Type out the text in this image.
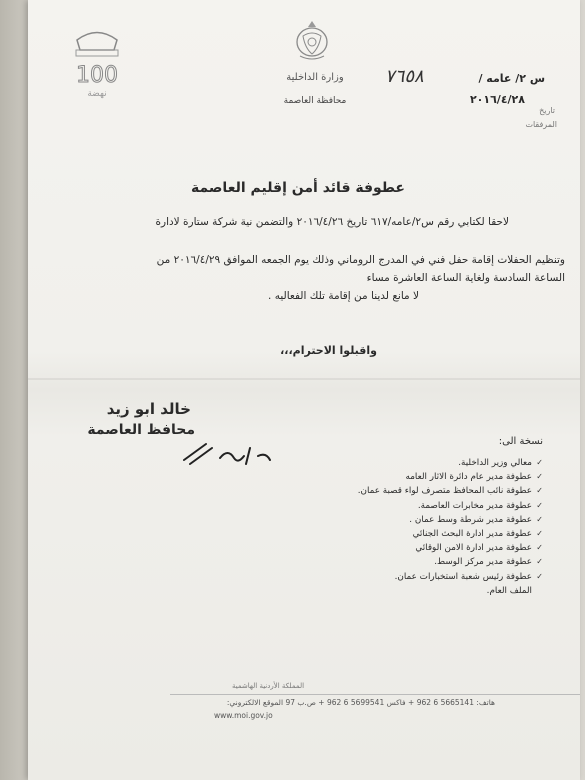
100
نهضة
وزارة الداخلية
محافظة العاصمة
س ٢/ عامه /
٧٦٥٨
٢٠١٦/٤/٢٨
تاريخ
المرفقات
عطوفة قائد أمن إقليم العاصمة
لاحقا لكتابي رقم س٢/عامه/٦١٧ تاريخ ٢٠١٦/٤/٢٦ والتضمن نية شركة ستارة لادارة
وتنظيم الحفلات إقامة حفل فني في المدرج الروماني وذلك يوم الجمعه الموافق ٢٠١٦/٤/٢٩ من
الساعة السادسة ولغاية الساعة العاشرة مساء
لا مانع لدينا من إقامة تلك الفعاليه .
واقبلوا الاحترام،،،
خالد ابو زيد
محافظ العاصمة
نسخة الى:
✓معالي وزير الداخلية.
✓عطوفة مدير عام دائرة الاثار العامه
✓عطوفة نائب المحافظ متصرف لواء قصبة عمان.
✓عطوفة مدير مخابرات العاصمة.
✓عطوفة مدير شرطة وسط عمان .
✓عطوفة مدير ادارة البحث الجنائي
✓عطوفة مدير ادارة الامن الوقائي
✓عطوفة مدير مركز الوسط.
✓عطوفة رئيس شعبة استخبارات عمان.
الملف العام.
المملكة الأردنية الهاشمية
هاتف: 5665141 6 962 + فاكس 5699541 6 962 + ص.ب 97 الموقع الالكتروني:
www.moi.gov.jo
